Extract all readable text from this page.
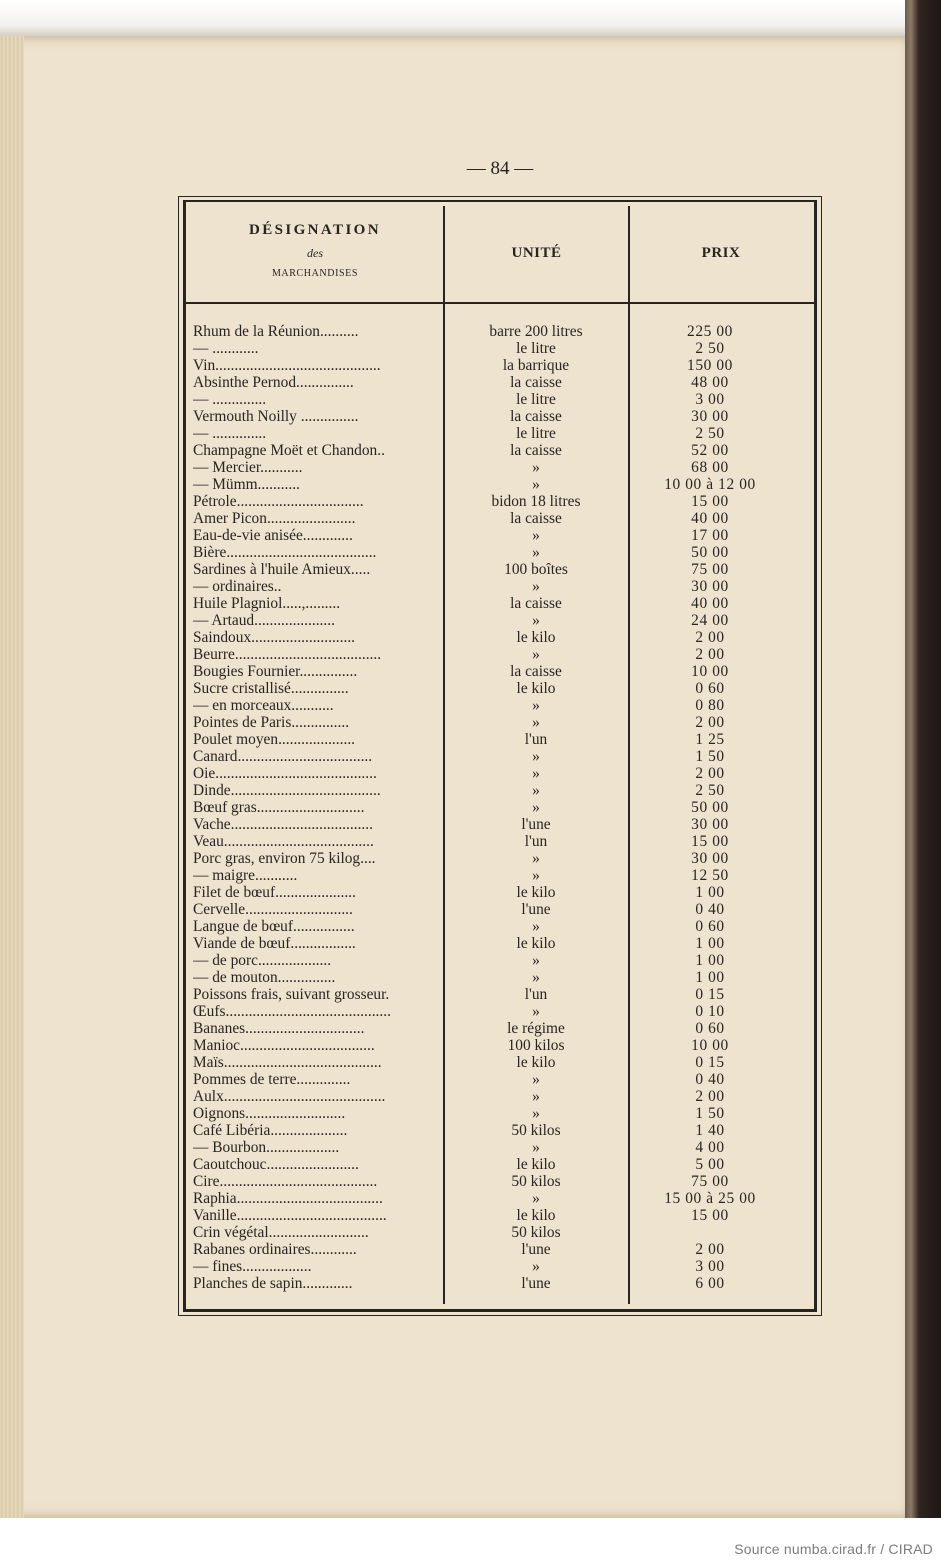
— 84 —
DÉSIGNATION
des
MARCHANDISES
UNITÉ	PRIX
Rhum de la Réunion..........	barre 200 litres	225 00
— ............	le litre	2 50
Vin...........................................	la barrique	150 00
Absinthe Pernod...............	la caisse	48 00
— ..............	le litre	3 00
Vermouth Noilly ...............	la caisse	30 00
— ..............	le litre	2 50
Champagne Moët et Chandon..	la caisse	52 00
— Mercier...........	»	68 00
— Mümm...........	»	10 00 à 12 00
Pétrole.................................	bidon 18 litres	15 00
Amer Picon.......................	la caisse	40 00
Eau-de-vie anisée.............	»	17 00
Bière.......................................	»	50 00
Sardines à l'huile Amieux.....	100 boîtes	75 00
— ordinaires..	»	30 00
Huile Plagniol.....,.........	la caisse	40 00
— Artaud.....................	»	24 00
Saindoux...........................	le kilo	2 00
Beurre......................................	»	2 00
Bougies Fournier...............	la caisse	10 00
Sucre cristallisé...............	le kilo	0 60
— en morceaux...........	»	0 80
Pointes de Paris...............	»	2 00
Poulet moyen....................	l'un	1 25
Canard...................................	»	1 50
Oie..........................................	»	2 00
Dinde.......................................	»	2 50
Bœuf gras............................	»	50 00
Vache.....................................	l'une	30 00
Veau.......................................	l'un	15 00
Porc gras, environ 75 kilog....	»	30 00
— maigre...........	»	12 50
Filet de bœuf.....................	le kilo	1 00
Cervelle............................	l'une	0 40
Langue de bœuf................	»	0 60
Viande de bœuf.................	le kilo	1 00
— de porc...................	»	1 00
— de mouton...............	»	1 00
Poissons frais, suivant grosseur.	l'un	0 15
Œufs...........................................	»	0 10
Bananes...............................	le régime	0 60
Manioc...................................	100 kilos	10 00
Maïs.........................................	le kilo	0 15
Pommes de terre..............	»	0 40
Aulx..........................................	»	2 00
Oignons..........................	»	1 50
Café Libéria....................	50 kilos	1 40
— Bourbon...................	»	4 00
Caoutchouc........................	le kilo	5 00
Cire.........................................	50 kilos	75 00
Raphia......................................	»	15 00 à 25 00
Vanille.......................................	le kilo	15 00
Crin végétal..........................	50 kilos
Rabanes ordinaires............	l'une	2 00
— fines..................	»	3 00
Planches de sapin.............	l'une	6 00
Source numba.cirad.fr / CIRAD
